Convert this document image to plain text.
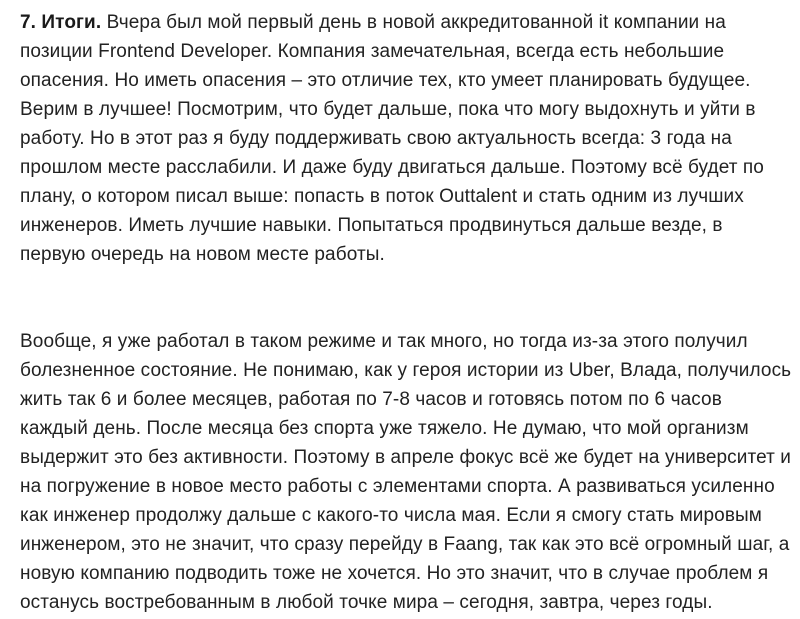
7. Итоги. Вчера был мой первый день в новой аккредитованной it компании на позиции Frontend Developer. Компания замечательная, всегда есть небольшие опасения. Но иметь опасения – это отличие тех, кто умеет планировать будущее. Верим в лучшее! Посмотрим, что будет дальше, пока что могу выдохнуть и уйти в работу. Но в этот раз я буду поддерживать свою актуальность всегда: 3 года на прошлом месте расслабили. И даже буду двигаться дальше. Поэтому всё будет по плану, о котором писал выше: попасть в поток Outtalent и стать одним из лучших инженеров. Иметь лучшие навыки. Попытаться продвинуться дальше везде, в первую очередь на новом месте работы.

Вообще, я уже работал в таком режиме и так много, но тогда из-за этого получил болезненное состояние. Не понимаю, как у героя истории из Uber, Влада, получилось жить так 6 и более месяцев, работая по 7-8 часов и готовясь потом по 6 часов каждый день. После месяца без спорта уже тяжело. Не думаю, что мой организм выдержит это без активности. Поэтому в апреле фокус всё же будет на университет и на погружение в новое место работы с элементами спорта. А развиваться усиленно как инженер продолжу дальше с какого-то числа мая. Если я смогу стать мировым инженером, это не значит, что сразу перейду в Faang, так как это всё огромный шаг, а новую компанию подводить тоже не хочется. Но это значит, что в случае проблем я останусь востребованным в любой точке мира – сегодня, завтра, через годы.
